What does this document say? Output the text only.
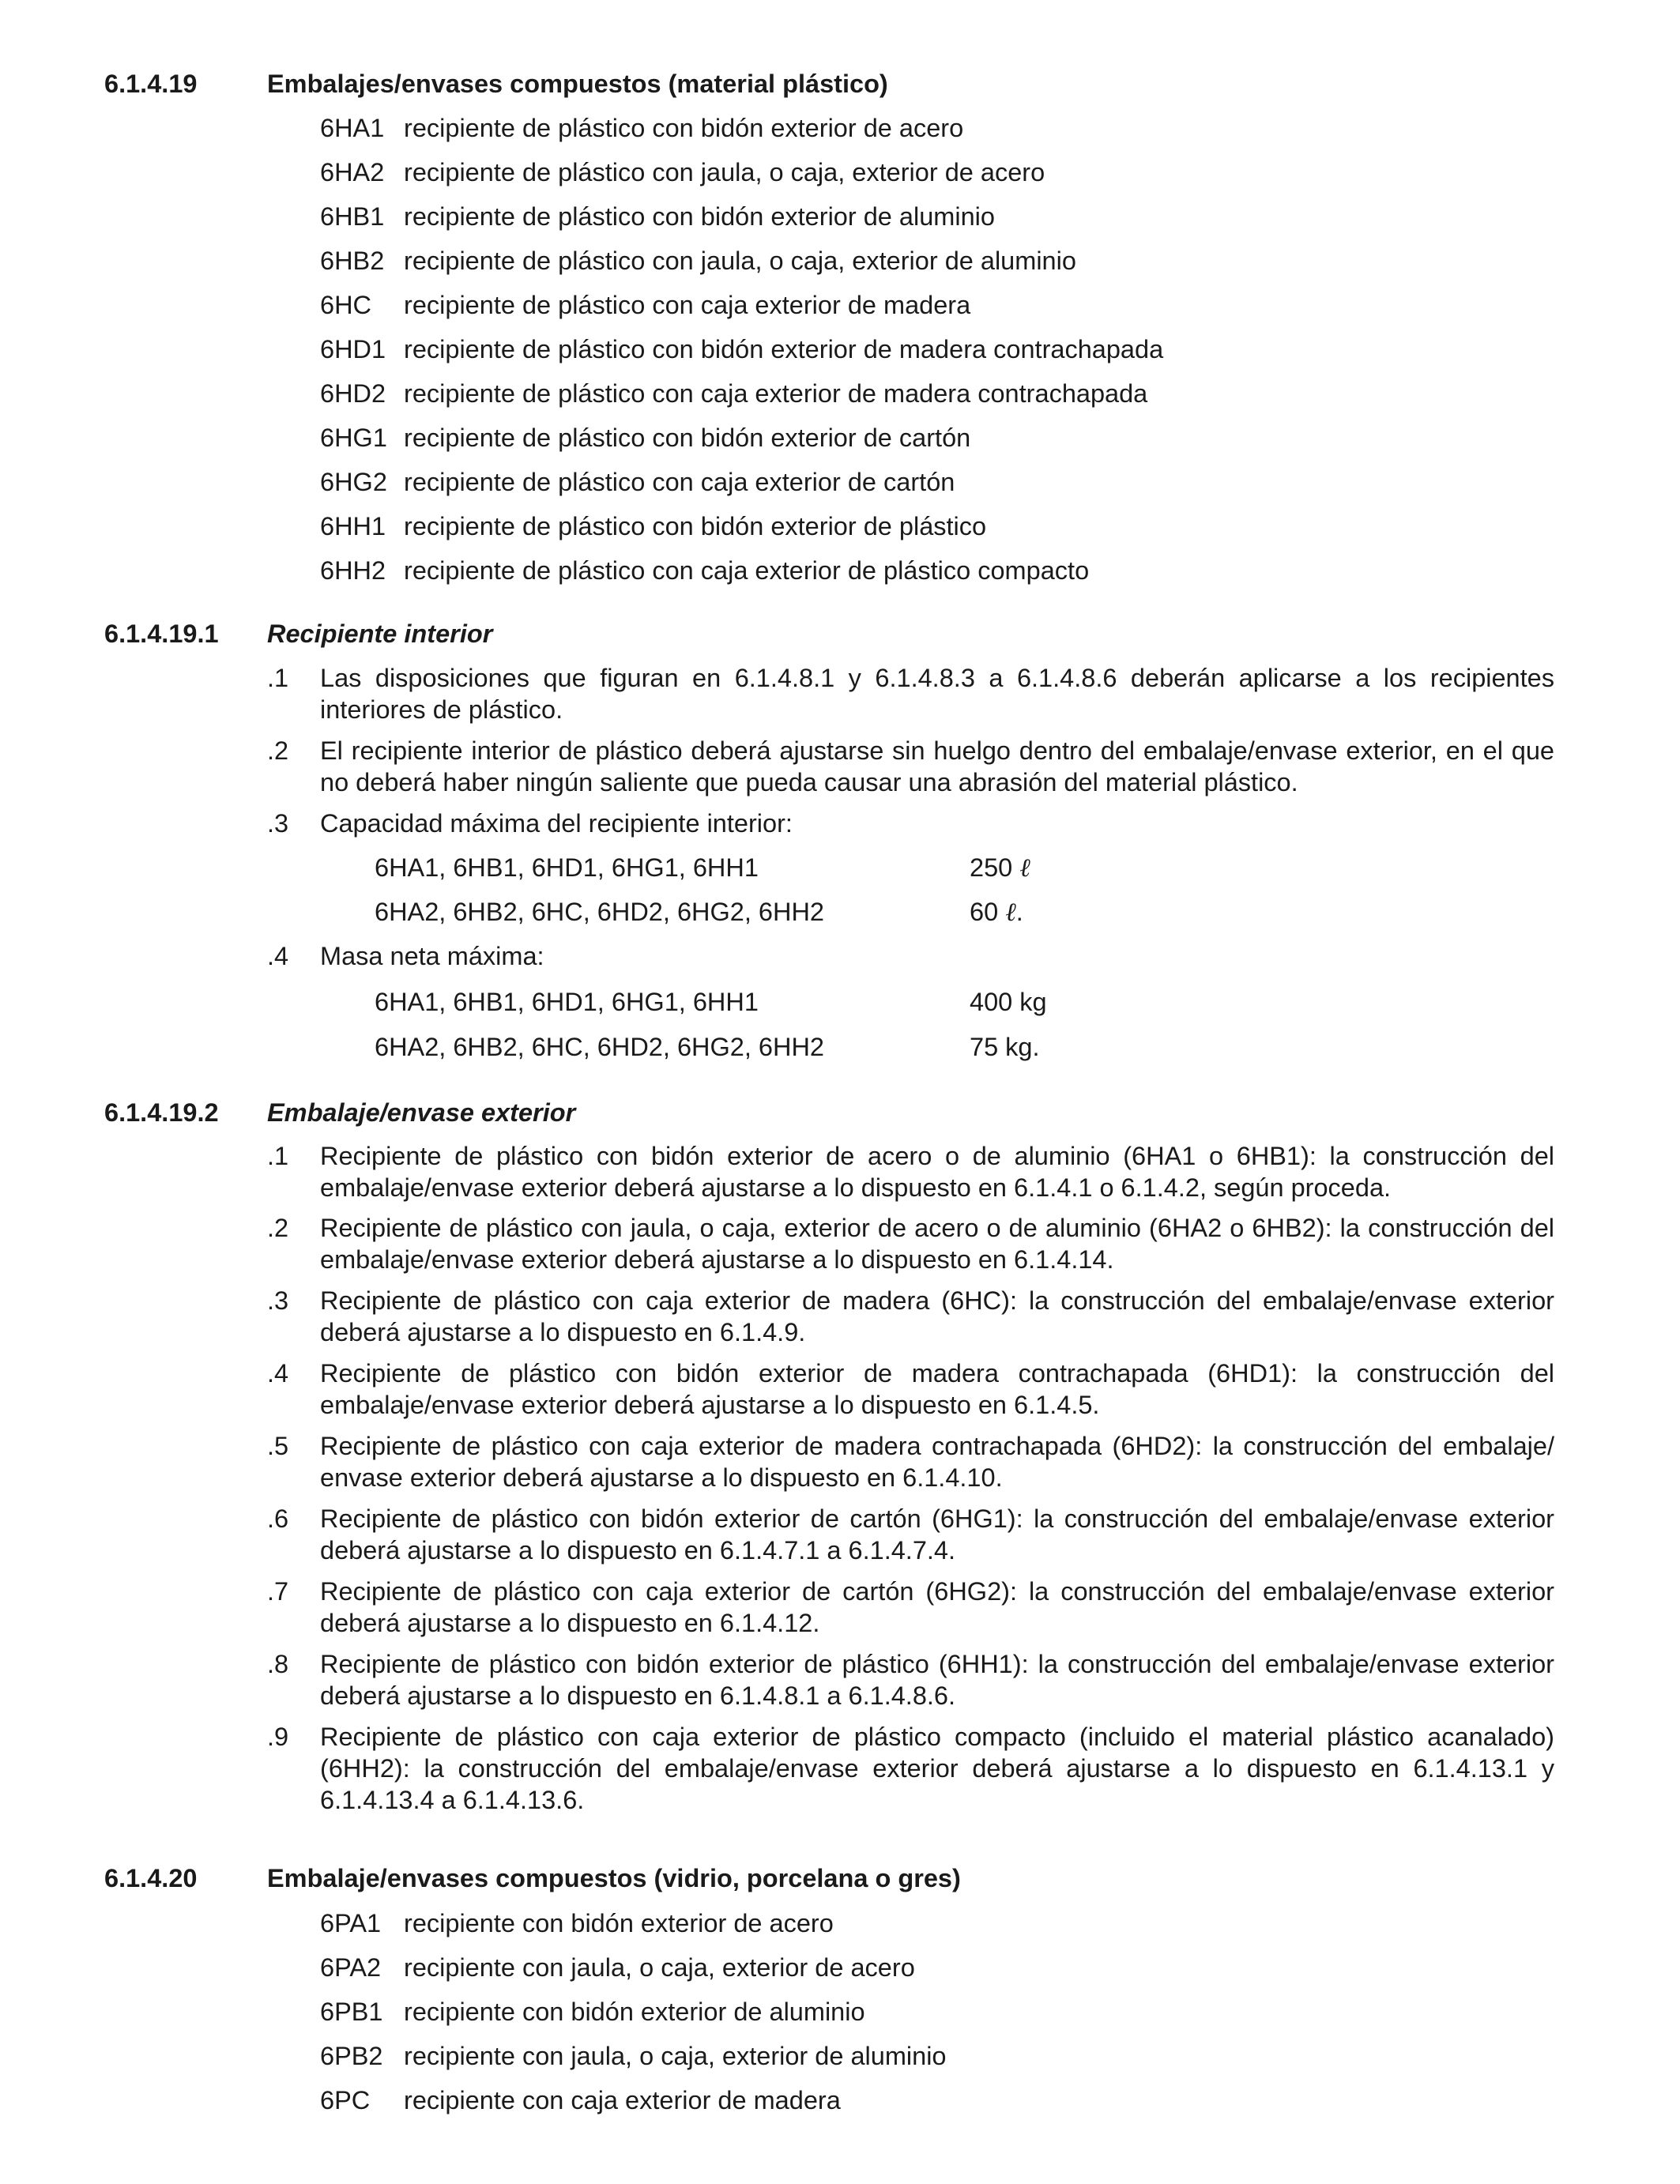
6.1.4.19	Embalajes/envases compuestos (material plástico)
6HA1 recipiente de plástico con bidón exterior de acero
6HA2 recipiente de plástico con jaula, o caja, exterior de acero
6HB1 recipiente de plástico con bidón exterior de aluminio
6HB2 recipiente de plástico con jaula, o caja, exterior de aluminio
6HC recipiente de plástico con caja exterior de madera
6HD1 recipiente de plástico con bidón exterior de madera contrachapada
6HD2 recipiente de plástico con caja exterior de madera contrachapada
6HG1 recipiente de plástico con bidón exterior de cartón
6HG2 recipiente de plástico con caja exterior de cartón
6HH1 recipiente de plástico con bidón exterior de plástico
6HH2 recipiente de plástico con caja exterior de plástico compacto
6.1.4.19.1 Recipiente interior
.1 Las disposiciones que figuran en 6.1.4.8.1 y 6.1.4.8.3 a 6.1.4.8.6 deberán aplicarse a los recipientes interiores de plástico.
.2 El recipiente interior de plástico deberá ajustarse sin huelgo dentro del embalaje/envase exterior, en el que no deberá haber ningún saliente que pueda causar una abrasión del material plástico.
.3 Capacidad máxima del recipiente interior:
6HA1, 6HB1, 6HD1, 6HG1, 6HH1	250 ℓ
6HA2, 6HB2, 6HC, 6HD2, 6HG2, 6HH2	60 ℓ.
.4 Masa neta máxima:
6HA1, 6HB1, 6HD1, 6HG1, 6HH1	400 kg
6HA2, 6HB2, 6HC, 6HD2, 6HG2, 6HH2	75 kg.
6.1.4.19.2 Embalaje/envase exterior
.1 Recipiente de plástico con bidón exterior de acero o de aluminio (6HA1 o 6HB1): la construcción del embalaje/envase exterior deberá ajustarse a lo dispuesto en 6.1.4.1 o 6.1.4.2, según proceda.
.2 Recipiente de plástico con jaula, o caja, exterior de acero o de aluminio (6HA2 o 6HB2): la construcción del embalaje/envase exterior deberá ajustarse a lo dispuesto en 6.1.4.14.
.3 Recipiente de plástico con caja exterior de madera (6HC): la construcción del embalaje/envase exterior deberá ajustarse a lo dispuesto en 6.1.4.9.
.4 Recipiente de plástico con bidón exterior de madera contrachapada (6HD1): la construcción del embalaje/envase exterior deberá ajustarse a lo dispuesto en 6.1.4.5.
.5 Recipiente de plástico con caja exterior de madera contrachapada (6HD2): la construcción del embalaje/ envase exterior deberá ajustarse a lo dispuesto en 6.1.4.10.
.6 Recipiente de plástico con bidón exterior de cartón (6HG1): la construcción del embalaje/envase exterior deberá ajustarse a lo dispuesto en 6.1.4.7.1 a 6.1.4.7.4.
.7 Recipiente de plástico con caja exterior de cartón (6HG2): la construcción del embalaje/envase exterior deberá ajustarse a lo dispuesto en 6.1.4.12.
.8 Recipiente de plástico con bidón exterior de plástico (6HH1): la construcción del embalaje/envase exterior deberá ajustarse a lo dispuesto en 6.1.4.8.1 a 6.1.4.8.6.
.9 Recipiente de plástico con caja exterior de plástico compacto (incluido el material plástico acanalado) (6HH2): la construcción del embalaje/envase exterior deberá ajustarse a lo dispuesto en 6.1.4.13.1 y 6.1.4.13.4 a 6.1.4.13.6.
6.1.4.20	Embalaje/envases compuestos (vidrio, porcelana o gres)
6PA1 recipiente con bidón exterior de acero
6PA2 recipiente con jaula, o caja, exterior de acero
6PB1 recipiente con bidón exterior de aluminio
6PB2 recipiente con jaula, o caja, exterior de aluminio
6PC recipiente con caja exterior de madera
